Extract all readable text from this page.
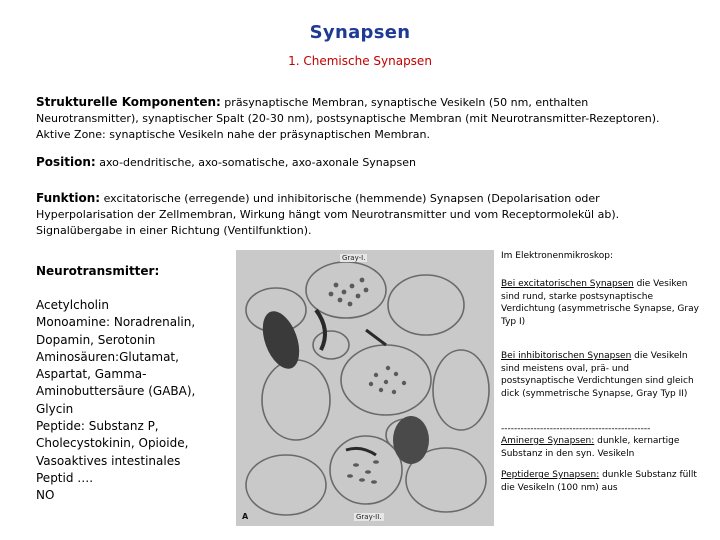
Synapsen
1. Chemische Synapsen
Strukturelle Komponenten: präsynaptische Membran, synaptische Vesikeln (50 nm, enthalten Neurotransmitter), synaptischer Spalt (20-30 nm), postsynaptische Membran (mit Neurotransmitter-Rezeptoren). Aktive Zone: synaptische Vesikeln nahe der präsynaptischen Membran.
Position: axo-dendritische, axo-somatische, axo-axonale Synapsen
Funktion: excitatorische (erregende) und inhibitorische (hemmende) Synapsen (Depolarisation oder Hyperpolarisation der Zellmembran, Wirkung hängt vom Neurotransmitter und vom Receptormolekül ab). Signalübergabe in einer Richtung (Ventilfunktion).
Neurotransmitter:
Acetylcholin
Monoamine: Noradrenalin,
Dopamin, Serotonin
Aminosäuren:Glutamat,
Aspartat, Gamma-
Aminobuttersäure (GABA),
Glycin
Peptide: Substanz P,
Cholecystokinin, Opioide,
Vasoaktives intestinales
Peptid ….
NO
Gray-I.
Gray-II.
A
Im Elektronenmikroskop:
Bei excitatorischen Synapsen die Vesiken sind rund, starke postsynaptische Verdichtung (asymmetrische Synapse, Gray Typ I)
Bei inhibitorischen Synapsen die Vesikeln sind meistens oval, prä- und postsynaptische Verdichtungen sind gleich dick (symmetrische Synapse, Gray Typ II)
----------------------------------------------
Aminerge Synapsen: dunkle, kernartige Substanz in den syn. Vesikeln
Peptiderge Synapsen: dunkle Substanz füllt die Vesikeln (100 nm) aus
